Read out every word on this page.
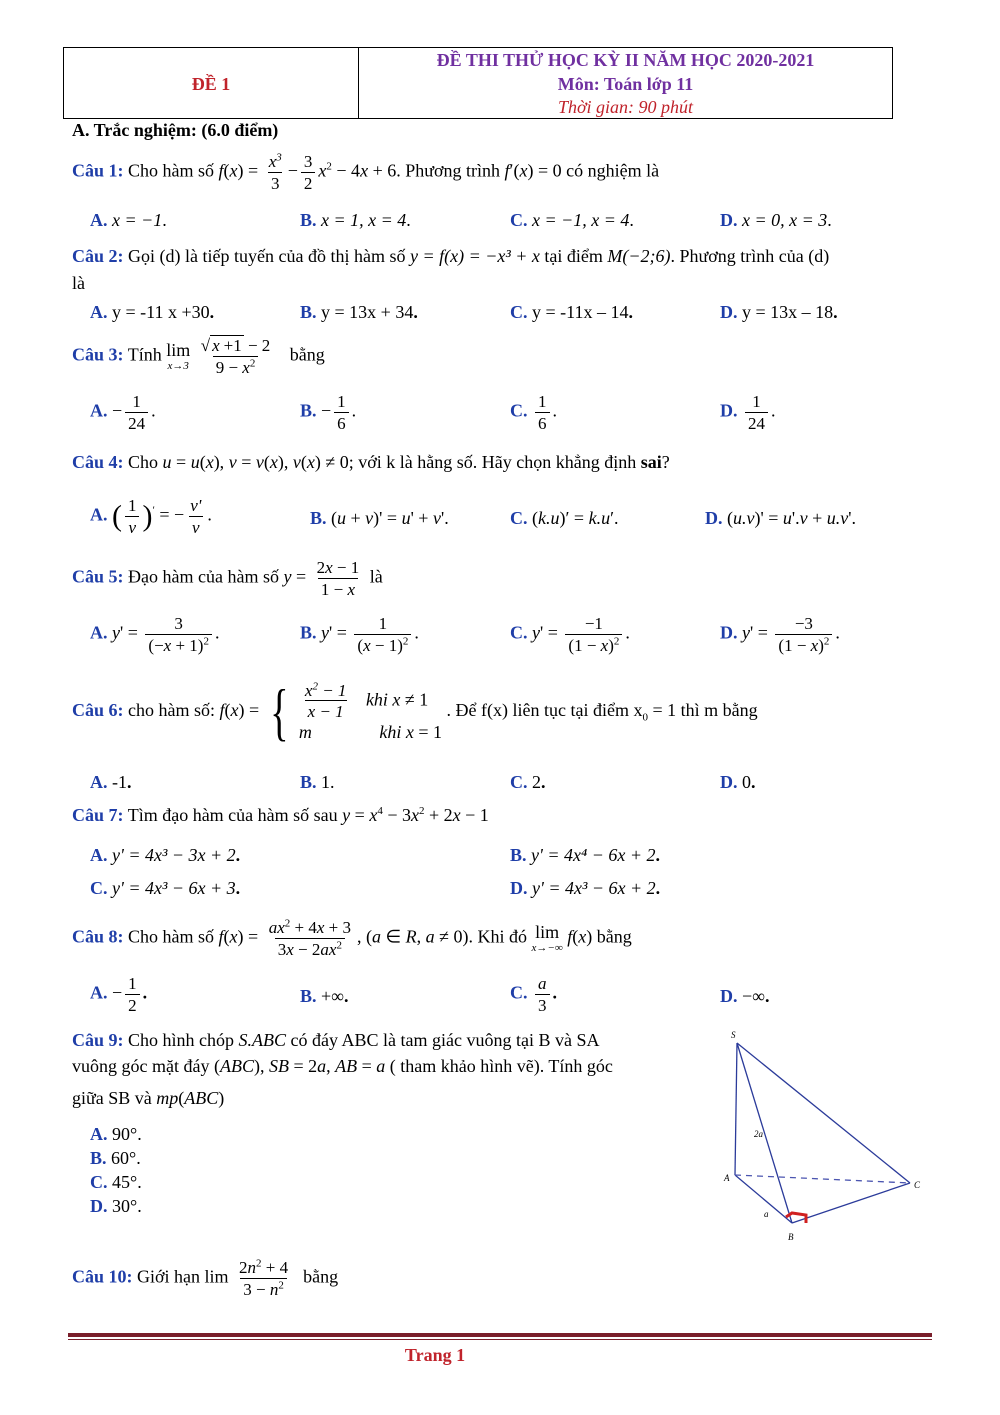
ĐỀ 1
ĐỀ THI THỬ HỌC KỲ II NĂM HỌC 2020-2021
Môn: Toán lớp 11
Thời gian: 90 phút
A. Trắc nghiệm: (6.0 điểm)
Câu 1: Cho hàm số $f(x) = \frac{x^3}{3} - \frac{3}{2} x^2 - 4x + 6$. Phương trình f′(x) = 0 có nghiệm là
A. x = −1.	B. x = 1, x = 4.	C. x = −1, x = 4.	D. x = 0, x = 3.
Câu 2: Gọi (d) là tiếp tuyến của đồ thị hàm số y = f(x) = −x³ + x tại điểm M(−2;6). Phương trình của (d)
là
A. y = -11 x +30.	B. y = 13x + 34.	C. y = -11x – 14.	D. y = 13x – 18.
Câu 3: Tính lim
x→3
$\frac{√ x +1 - 2}{9 - x^2}$ bằng
A. − $\frac{1}{24}$ .	B. − $\frac{1}{6}$ .	C. $\frac{1}{6}$ .	D. $\frac{1}{24}$ .
Câu 4: Cho u = u(x), v = v(x), v(x) ≠ 0; với k là hằng số. Hãy chọn khẳng định sai?
A. ( $\frac{1}{v} )'$ = − $\frac{v'}{v}$ .	B. (u + v)' = u' + v'.	C. (k.u)′ = k.u′.	D. (u.v)' = u'.v + u.v'.
Câu 5: Đạo hàm của hàm số $y = \frac{2x - 1}{1 - x}$ là
A. $y' = \frac{3}{(-x + 1)^2}$ .	B. $y' = \frac{1}{(x - 1)^2}$ .	C. $y' = \frac{-1}{(1 - x)^2}$ .	D. $y' = \frac{-3}{(1 - x)^2}$ .
Câu 6: cho hàm số: f(x) = { $\frac{x^2 - 1}{x - 1}$ khi x ≠ 1
m	khi x = 1 . Để f(x) liên tục tại điểm $x_0 = 1$ thì m bằng
A. -1.	B. 1.	C. 2.	D. 0.
Câu 7: Tìm đạo hàm của hàm số sau $y = x^4 - 3x^2 + 2x - 1$
A. y' = 4x³ − 3x + 2.	B. y' = 4x⁴ − 6x + 2.
C. y' = 4x³ − 6x + 3.	D. y' = 4x³ − 6x + 2.
Câu 8: Cho hàm số $f(x) = \frac{ax^2 + 4x + 3}{3x - 2ax^2}$ , (a ∈ R, a ≠ 0). Khi đó lim
x→−∞
f(x) bằng
A. − $\frac{1}{2}$ .	B. +∞.	C. $\frac{a}{3}$ .	D. −∞.
Câu 9: Cho hình chóp S.ABC có đáy ABC là tam giác vuông tại B và SA
vuông góc mặt đáy (ABC), SB = 2a, AB = a ( tham khảo hình vẽ). Tính góc
giữa SB và mp(ABC)
A. 90°.
B. 60°.
C. 45°.
D. 30°.
S
A
B
C
2a
a
Câu 10: Giới hạn $\lim \frac{2n^2 + 4}{3 - n^2}$ bằng
Trang 1
